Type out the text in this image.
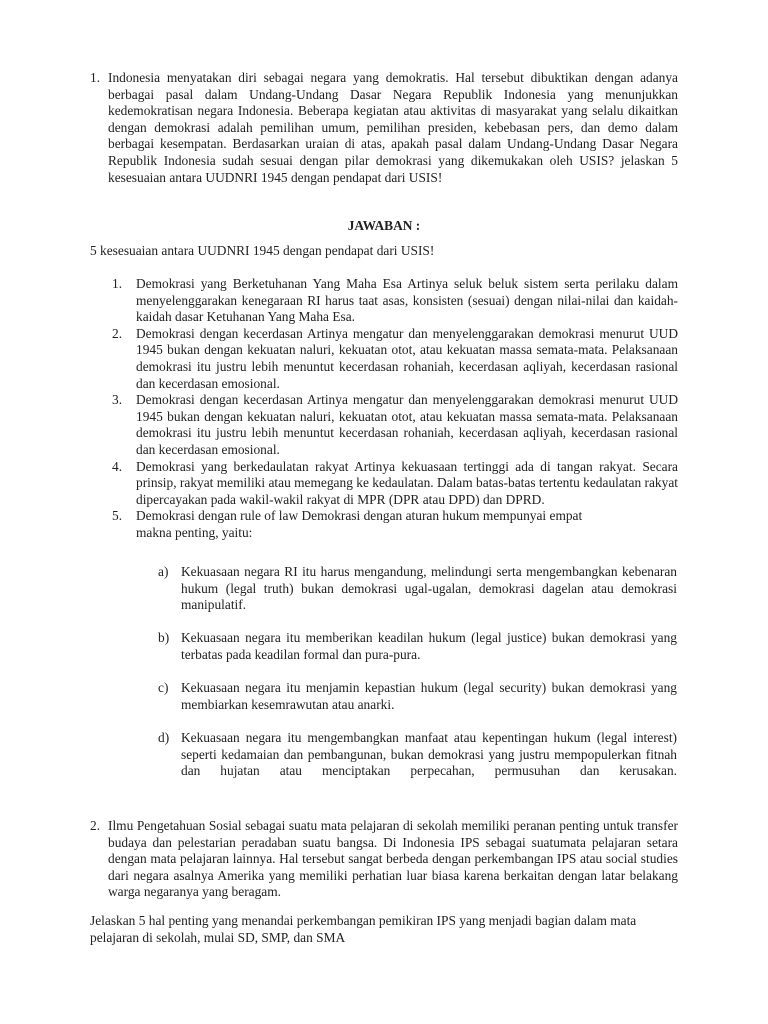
1. Indonesia menyatakan diri sebagai negara yang demokratis. Hal tersebut dibuktikan dengan adanya berbagai pasal dalam Undang-Undang Dasar Negara Republik Indonesia yang menunjukkan kedemokratisan negara Indonesia. Beberapa kegiatan atau aktivitas di masyarakat yang selalu dikaitkan dengan demokrasi adalah pemilihan umum, pemilihan presiden, kebebasan pers, dan demo dalam berbagai kesempatan. Berdasarkan uraian di atas, apakah pasal dalam Undang-Undang Dasar Negara Republik Indonesia sudah sesuai dengan pilar demokrasi yang dikemukakan oleh USIS? jelaskan 5 kesesuaian antara UUDNRI 1945 dengan pendapat dari USIS!
JAWABAN :
5 kesesuaian antara UUDNRI 1945 dengan pendapat dari USIS!
1. Demokrasi yang Berketuhanan Yang Maha Esa Artinya seluk beluk sistem serta perilaku dalam menyelenggarakan kenegaraan RI harus taat asas, konsisten (sesuai) dengan nilai-nilai dan kaidah-kaidah dasar Ketuhanan Yang Maha Esa.
2. Demokrasi dengan kecerdasan Artinya mengatur dan menyelenggarakan demokrasi menurut UUD 1945 bukan dengan kekuatan naluri, kekuatan otot, atau kekuatan massa semata-mata. Pelaksanaan demokrasi itu justru lebih menuntut kecerdasan rohaniah, kecerdasan aqliyah, kecerdasan rasional dan kecerdasan emosional.
3. Demokrasi dengan kecerdasan Artinya mengatur dan menyelenggarakan demokrasi menurut UUD 1945 bukan dengan kekuatan naluri, kekuatan otot, atau kekuatan massa semata-mata. Pelaksanaan demokrasi itu justru lebih menuntut kecerdasan rohaniah, kecerdasan aqliyah, kecerdasan rasional dan kecerdasan emosional.
4. Demokrasi yang berkedaulatan rakyat Artinya kekuasaan tertinggi ada di tangan rakyat. Secara prinsip, rakyat memiliki atau memegang ke kedaulatan. Dalam batas-batas tertentu kedaulatan rakyat dipercayakan pada wakil-wakil rakyat di MPR (DPR atau DPD) dan DPRD.
5. Demokrasi dengan rule of law Demokrasi dengan aturan hukum mempunyai empat
makna penting, yaitu:
a) Kekuasaan negara RI itu harus mengandung, melindungi serta mengembangkan kebenaran hukum (legal truth) bukan demokrasi ugal-ugalan, demokrasi dagelan atau demokrasi manipulatif.
b) Kekuasaan negara itu memberikan keadilan hukum (legal justice) bukan demokrasi yang terbatas pada keadilan formal dan pura-pura.
c) Kekuasaan negara itu menjamin kepastian hukum (legal security) bukan demokrasi yang membiarkan kesemrawutan atau anarki.
d) Kekuasaan negara itu mengembangkan manfaat atau kepentingan hukum (legal interest) seperti kedamaian dan pembangunan, bukan demokrasi yang justru mempopulerkan fitnah dan hujatan atau menciptakan perpecahan, permusuhan dan kerusakan.
2. Ilmu Pengetahuan Sosial sebagai suatu mata pelajaran di sekolah memiliki peranan penting untuk transfer budaya dan pelestarian peradaban suatu bangsa. Di Indonesia IPS sebagai suatumata pelajaran setara dengan mata pelajaran lainnya. Hal tersebut sangat berbeda dengan perkembangan IPS atau social studies dari negara asalnya Amerika yang memiliki perhatian luar biasa karena berkaitan dengan latar belakang warga negaranya yang beragam.
Jelaskan 5 hal penting yang menandai perkembangan pemikiran IPS yang menjadi bagian dalam mata pelajaran di sekolah, mulai SD, SMP, dan SMA
